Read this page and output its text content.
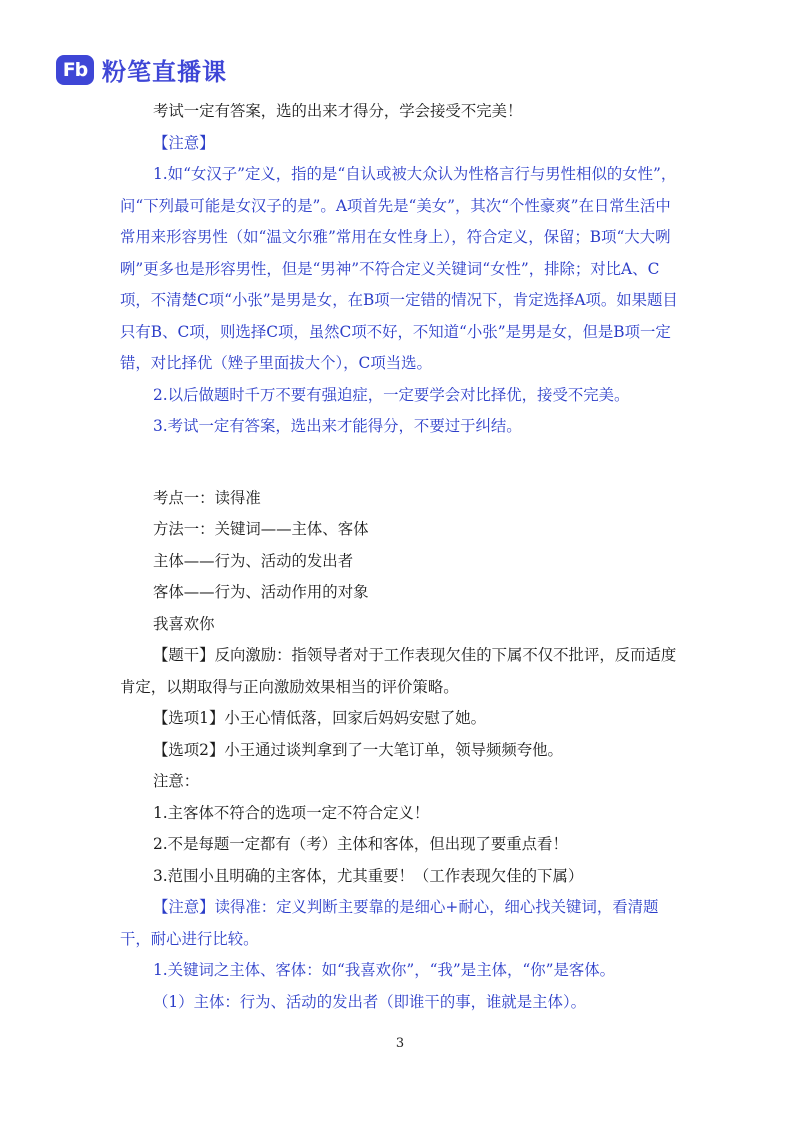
Fb 粉笔直播课

考试一定有答案，选的出来才得分，学会接受不完美！

【注意】

1.如“女汉子”定义，指的是“自认或被大众认为性格言行与男性相似的女性”，问“下列最可能是女汉子的是”。A项首先是“美女”，其次“个性豪爽”在日常生活中常用来形容男性（如“温文尔雅”常用在女性身上），符合定义，保留；B项“大大咧咧”更多也是形容男性，但是“男神”不符合定义关键词“女性”，排除；对比A、C项，不清楚C项“小张”是男是女，在B项一定错的情况下，肯定选择A项。如果题目只有B、C项，则选择C项，虽然C项不好，不知道“小张”是男是女，但是B项一定错，对比择优（矬子里面拔大个），C项当选。

2.以后做题时千万不要有强迫症，一定要学会对比择优，接受不完美。

3.考试一定有答案，选出来才能得分，不要过于纠结。

考点一：读得准

方法一：关键词——主体、客体

主体——行为、活动的发出者

客体——行为、活动作用的对象

我喜欢你

【题干】反向激励：指领导者对于工作表现欠佳的下属不仅不批评，反而适度肯定，以期取得与正向激励效果相当的评价策略。

【选项1】小王心情低落，回家后妈妈安慰了她。

【选项2】小王通过谈判拿到了一大笔订单，领导频频夸他。

注意：

1.主客体不符合的选项一定不符合定义！

2.不是每题一定都有（考）主体和客体，但出现了要重点看！

3.范围小且明确的主客体，尤其重要！（工作表现欠佳的下属）

【注意】读得准：定义判断主要靠的是细心+耐心，细心找关键词，看清题干，耐心进行比较。

1.关键词之主体、客体：如“我喜欢你”，“我”是主体，“你”是客体。

（1）主体：行为、活动的发出者（即谁干的事，谁就是主体）。

3
